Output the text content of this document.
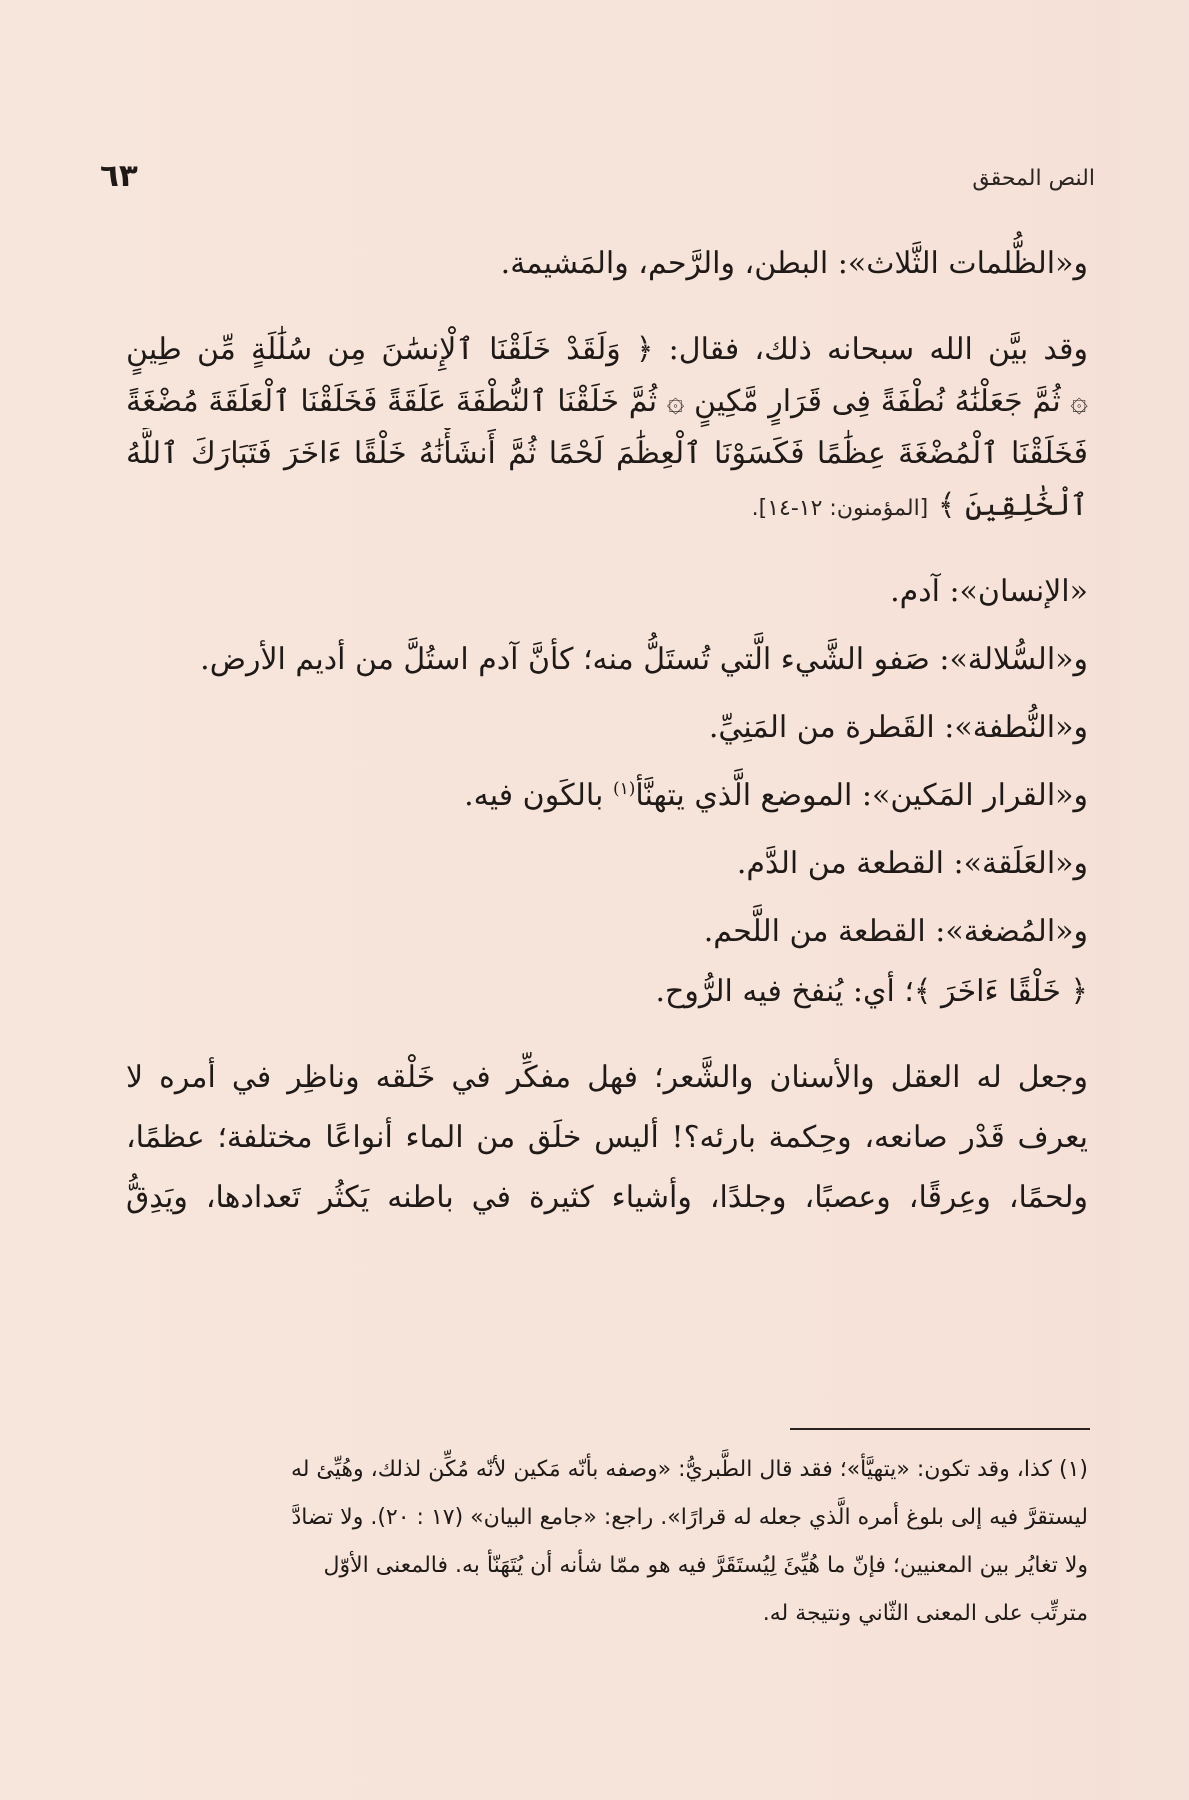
النص المحقق
٦٣

و«الظُّلمات الثَّلاث»: البطن، والرَّحم، والمَشيمة.

وقد بيَّن الله سبحانه ذلك، فقال: ﴿ وَلَقَدْ خَلَقْنَا ٱلْإِنسَٰنَ مِن سُلَٰلَةٍ مِّن طِينٍ

۞ ثُمَّ جَعَلْنَٰهُ نُطْفَةً فِى قَرَارٍ مَّكِينٍ ۞ ثُمَّ خَلَقْنَا ٱلنُّطْفَةَ عَلَقَةً فَخَلَقْنَا ٱلْعَلَقَةَ مُضْغَةً

فَخَلَقْنَا ٱلْمُضْغَةَ عِظَٰمًا فَكَسَوْنَا ٱلْعِظَٰمَ لَحْمًا ثُمَّ أَنشَأْنَٰهُ خَلْقًا ءَاخَرَ فَتَبَارَكَ ٱللَّهُ

ٱلْخَٰلِقِينَ ﴾ [المؤمنون: ١٢-١٤].

«الإنسان»: آدم.

و«السُّلالة»: صَفو الشَّيء الَّتي تُستَلُّ منه؛ كأنَّ آدم استُلَّ من أديم الأرض.

و«النُّطفة»: القَطرة من المَنِيِّ.

و«القرار المَكين»: الموضع الَّذي يتهنَّأ$^{(١)}$ بالكَون فيه.

و«العَلَقة»: القطعة من الدَّم.

و«المُضغة»: القطعة من اللَّحم.

﴿ خَلْقًا ءَاخَرَ ﴾؛ أي: يُنفخ فيه الرُّوح.

وجعل له العقل والأسنان والشَّعر؛ فهل مفكِّر في خَلْقه وناظِر في أمره لا

يعرف قَدْر صانعه، وحِكمة بارئه؟! أليس خلَق من الماء أنواعًا مختلفة؛ عظمًا،

ولحمًا، وعِرقًا، وعصبًا، وجلدًا، وأشياء كثيرة في باطنه يَكثُر تَعدادها، ويَدِقُّ

(١) كذا، وقد تكون: «يتهيَّأ»؛ فقد قال الطَّبريُّ: «وصفه بأنّه مَكين لأنّه مُكِّن لذلك، وهُيِّئ له
ليستقرَّ فيه إلى بلوغ أمره الَّذي جعله له قرارًا». راجع: «جامع البيان» (١٧ : ٢٠). ولا تضادَّ
ولا تغايُر بين المعنيين؛ فإنّ ما هُيِّئَ لِيُستَقَرَّ فيه هو ممّا شأنه أن يُتَهَنّأ به. فالمعنى الأوّل
مترتِّب على المعنى الثّاني ونتيجة له.
